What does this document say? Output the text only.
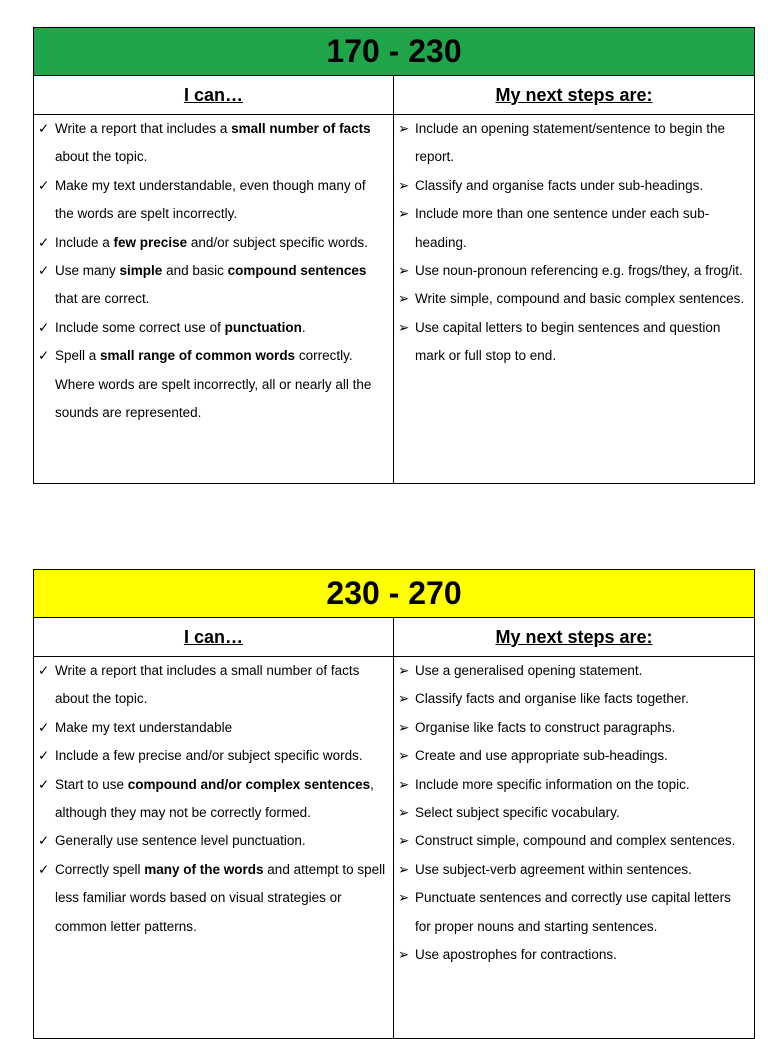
170 - 230
I can…	My next steps are:
✓ Write a report that includes a small number of facts about the topic.
✓ Make my text understandable, even though many of the words are spelt incorrectly.
✓ Include a few precise and/or subject specific words.
✓ Use many simple and basic compound sentences that are correct.
✓ Include some correct use of punctuation.
✓ Spell a small range of common words correctly. Where words are spelt incorrectly, all or nearly all the sounds are represented.
➢ Include an opening statement/sentence to begin the report.
➢ Classify and organise facts under sub-headings.
➢ Include more than one sentence under each sub-heading.
➢ Use noun-pronoun referencing e.g. frogs/they, a frog/it.
➢ Write simple, compound and basic complex sentences.
➢ Use capital letters to begin sentences and question mark or full stop to end.
230 - 270
I can…	My next steps are:
✓ Write a report that includes a small number of facts about the topic.
✓ Make my text understandable
✓ Include a few precise and/or subject specific words.
✓ Start to use compound and/or complex sentences, although they may not be correctly formed.
✓ Generally use sentence level punctuation.
✓ Correctly spell many of the words and attempt to spell less familiar words based on visual strategies or common letter patterns.
➢ Use a generalised opening statement.
➢ Classify facts and organise like facts together.
➢ Organise like facts to construct paragraphs.
➢ Create and use appropriate sub-headings.
➢ Include more specific information on the topic.
➢ Select subject specific vocabulary.
➢ Construct simple, compound and complex sentences.
➢ Use subject-verb agreement within sentences.
➢ Punctuate sentences and correctly use capital letters for proper nouns and starting sentences.
➢ Use apostrophes for contractions.
